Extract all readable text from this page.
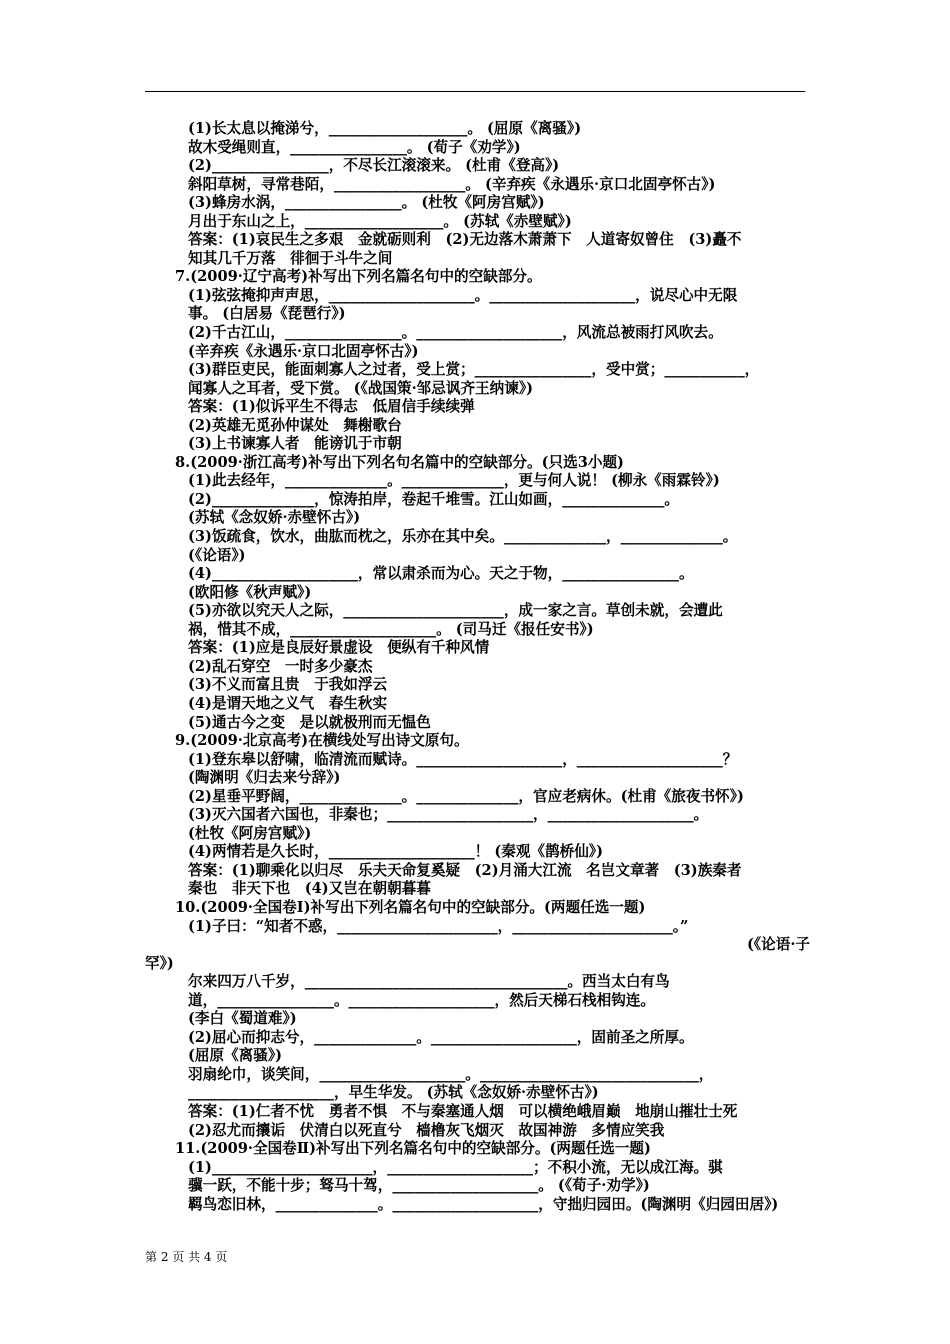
(1)长太息以掩涕兮，___________________。 (屈原《离骚》)
故木受绳则直，________________。 (荀子《劝学》)
(2)________________，不尽长江滚滚来。 (杜甫《登高》)
斜阳草树，寻常巷陌，__________________。 (辛弃疾《永遇乐·京口北固亭怀古》)
(3)蜂房水涡，________________。 (杜牧《阿房宫赋》)
月出于东山之上，___________________。 (苏轼《赤壁赋》)
答案：(1)哀民生之多艰　金就砺则利　(2)无边落木萧萧下　人道寄奴曾住　(3)矗不
知其几千万落　徘徊于斗牛之间
7.(2009·辽宁高考)补写出下列名篇名句中的空缺部分。
(1)弦弦掩抑声声思，____________________。____________________，说尽心中无限
事。 (白居易《琵琶行》)
(2)千古江山，________________。____________________，风流总被雨打风吹去。
(辛弃疾《永遇乐·京口北固亭怀古》)
(3)群臣吏民，能面刺寡人之过者，受上赏；________________，受中赏；___________，
闻寡人之耳者，受下赏。 (《战国策·邹忌讽齐王纳谏》)
答案：(1)似诉平生不得志　低眉信手续续弹
(2)英雄无觅孙仲谋处　舞榭歌台
(3)上书谏寡人者　能谤讥于市朝
8.(2009·浙江高考)补写出下列名句名篇中的空缺部分。(只选3小题)
(1)此去经年，______________。______________，更与何人说！ (柳永《雨霖铃》)
(2)______________，惊涛拍岸，卷起千堆雪。江山如画，______________。
(苏轼《念奴娇·赤壁怀古》)
(3)饭疏食，饮水，曲肱而枕之，乐亦在其中矣。______________，______________。
(《论语》)
(4)____________________，常以肃杀而为心。天之于物，________________。
(欧阳修《秋声赋》)
(5)亦欲以究天人之际，______________________，成一家之言。草创未就，会遭此
祸，惜其不成，____________________。 (司马迁《报任安书》)
答案：(1)应是良辰好景虚设　便纵有千种风情
(2)乱石穿空　一时多少豪杰
(3)不义而富且贵　于我如浮云
(4)是谓天地之义气　春生秋实
(5)通古今之变　是以就极刑而无愠色
9.(2009·北京高考)在横线处写出诗文原句。
(1)登东皋以舒啸，临清流而赋诗。____________________，____________________？
(陶渊明《归去来兮辞》)
(2)星垂平野阔，______________。______________，官应老病休。(杜甫《旅夜书怀》)
(3)灭六国者六国也，非秦也；____________________，____________________。
(杜牧《阿房宫赋》)
(4)两情若是久长时，____________________！ (秦观《鹊桥仙》)
答案：(1)聊乘化以归尽　乐夫天命复奚疑　(2)月涌大江流　名岂文章著　(3)族秦者
秦也　非天下也　(4)又岂在朝朝暮暮
10.(2009·全国卷Ⅰ)补写出下列名篇名句中的空缺部分。(两题任选一题)
(1)子曰：“知者不惑，______________________，______________________。”
(《论语·子
罕》)
尔来四万八千岁，____________________________________。西当太白有鸟
道，________________。____________________，然后天梯石栈相钩连。
(李白《蜀道难》)
(2)屈心而抑志兮，______________。____________________，固前圣之所厚。
(屈原《离骚》)
羽扇纶巾，谈笑间，____________________。______________________________，
____________________，早生华发。 (苏轼《念奴娇·赤壁怀古》)
答案：(1)仁者不忧　勇者不惧　不与秦塞通人烟　可以横绝峨眉巅　地崩山摧壮士死
(2)忍尤而攘诟　伏清白以死直兮　樯橹灰飞烟灭　故国神游　多情应笑我
11.(2009·全国卷Ⅱ)补写出下列名篇名句中的空缺部分。(两题任选一题)
(1)______________________，____________________；不积小流，无以成江海。骐
骥一跃，不能十步；驽马十驾，____________________。 (《荀子·劝学》)
羁鸟恋旧林，______________。____________________，守拙归园田。(陶渊明《归园田居》)
第 2 页 共 4 页
